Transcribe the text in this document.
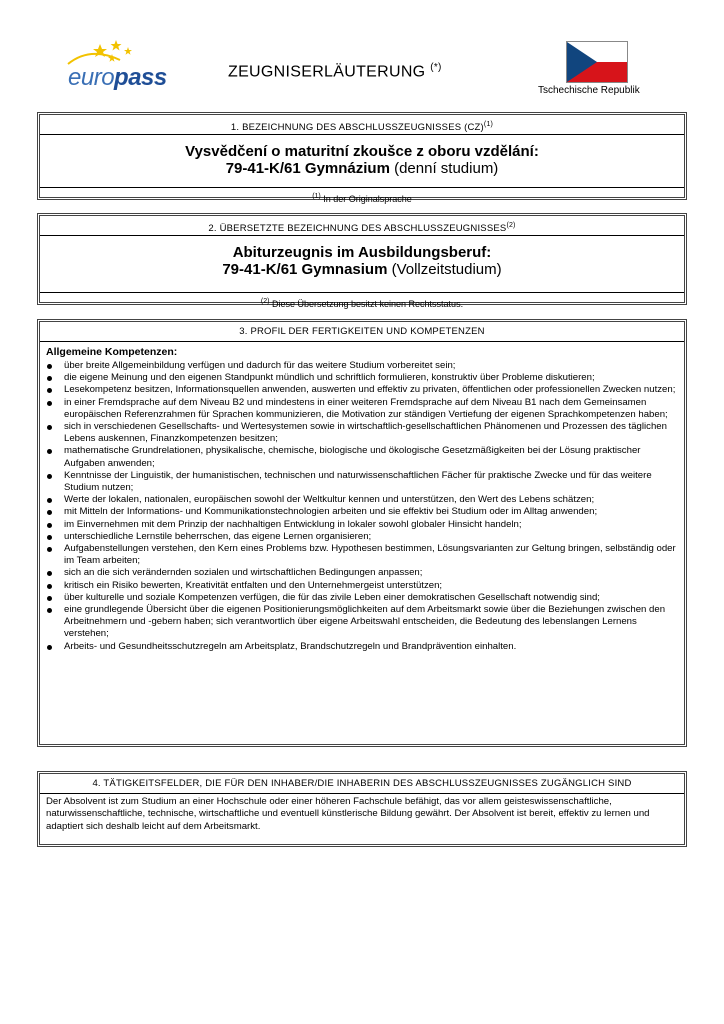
europass	ZEUGNISERLÄUTERUNG (*)
Tschechische Republik
1. BEZEICHNUNG DES ABSCHLUSSZEUGNISSES (CZ)$^{(1)}$
Vysvědčení o maturitní zkoušce z oboru vzdělání:
79-41-K/61 Gymnázium (denní studium)
$^{(1)}$ In der Originalsprache
2. ÜBERSETZTE BEZEICHNUNG DES ABSCHLUSSZEUGNISSES$^{(2)}$
Abiturzeugnis im Ausbildungsberuf:
79-41-K/61 Gymnasium (Vollzeitstudium)
$^{(2)}$ Diese Übersetzung besitzt keinen Rechtsstatus.
3. PROFIL DER FERTIGKEITEN UND KOMPETENZEN
Allgemeine Kompetenzen:
über breite Allgemeinbildung verfügen und dadurch für das weitere Studium vorbereitet sein;
die eigene Meinung und den eigenen Standpunkt mündlich und schriftlich formulieren, konstruktiv über Probleme diskutieren;
Lesekompetenz besitzen, Informationsquellen anwenden, auswerten und effektiv zu privaten, öffentlichen oder professionellen Zwecken nutzen;
in einer Fremdsprache auf dem Niveau B2 und mindestens in einer weiteren Fremdsprache auf dem Niveau B1 nach dem Gemeinsamen europäischen Referenzrahmen für Sprachen kommunizieren, die Motivation zur ständigen Vertiefung der eigenen Sprachkompetenzen haben;
sich in verschiedenen Gesellschafts- und Wertesystemen sowie in wirtschaftlich-gesellschaftlichen Phänomenen und Prozessen des täglichen Lebens auskennen, Finanzkompetenzen besitzen;
mathematische Grundrelationen, physikalische, chemische, biologische und ökologische Gesetzmäßigkeiten bei der Lösung praktischer Aufgaben anwenden;
Kenntnisse der Linguistik, der humanistischen, technischen und naturwissenschaftlichen Fächer für praktische Zwecke und für das weitere Studium nutzen;
Werte der lokalen, nationalen, europäischen sowohl der Weltkultur kennen und unterstützen, den Wert des Lebens schätzen;
mit Mitteln der Informations- und Kommunikationstechnologien arbeiten und sie effektiv bei Studium oder im Alltag anwenden;
im Einvernehmen mit dem Prinzip der nachhaltigen Entwicklung in lokaler sowohl globaler Hinsicht handeln;
unterschiedliche Lernstile beherrschen, das eigene Lernen organisieren;
Aufgabenstellungen verstehen, den Kern eines Problems bzw. Hypothesen bestimmen, Lösungsvarianten zur Geltung bringen, selbständig oder im Team arbeiten;
sich an die sich verändernden sozialen und wirtschaftlichen Bedingungen anpassen;
kritisch ein Risiko bewerten, Kreativität entfalten und den Unternehmergeist unterstützen;
über kulturelle und soziale Kompetenzen verfügen, die für das zivile Leben einer demokratischen Gesellschaft notwendig sind;
eine grundlegende Übersicht über die eigenen Positionierungsmöglichkeiten auf dem Arbeitsmarkt sowie über die Beziehungen zwischen den Arbeitnehmern und -gebern haben; sich verantwortlich über eigene Arbeitswahl entscheiden, die Bedeutung des lebenslangen Lernens verstehen;
Arbeits- und Gesundheitsschutzregeln am Arbeitsplatz, Brandschutzregeln und Brandprävention einhalten.
4. TÄTIGKEITSFELDER, DIE FÜR DEN INHABER/DIE INHABERIN DES ABSCHLUSSZEUGNISSES ZUGÄNGLICH SIND
Der Absolvent ist zum Studium an einer Hochschule oder einer höheren Fachschule befähigt, das vor allem geisteswissenschaftliche, naturwissenschaftliche, technische, wirtschaftliche und eventuell künstlerische Bildung gewährt. Der Absolvent ist bereit, effektiv zu lernen und adaptiert sich deshalb leicht auf dem Arbeitsmarkt.
